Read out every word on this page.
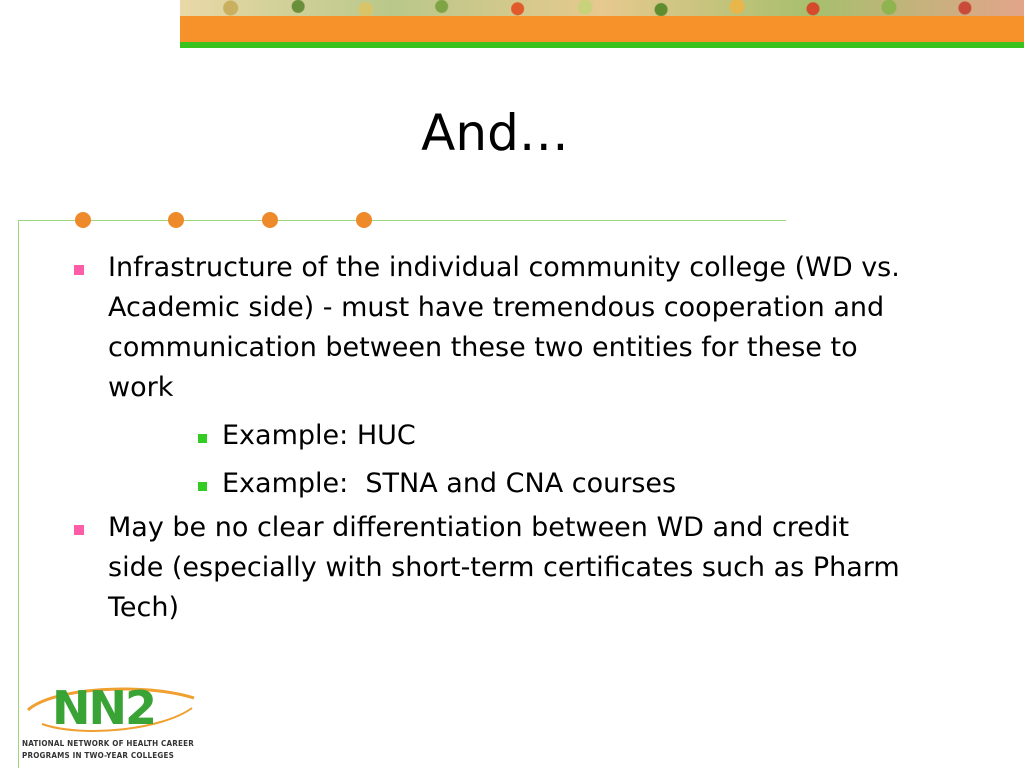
And…
Infrastructure of the individual community college (WD vs. Academic side) - must have tremendous cooperation and communication between these two entities for these to work
Example: HUC
Example:  STNA and CNA courses
May be no clear differentiation between WD and credit side (especially with short-term certificates such as Pharm Tech)
NN2
NATIONAL NETWORK OF HEALTH CAREER
PROGRAMS IN TWO-YEAR COLLEGES
